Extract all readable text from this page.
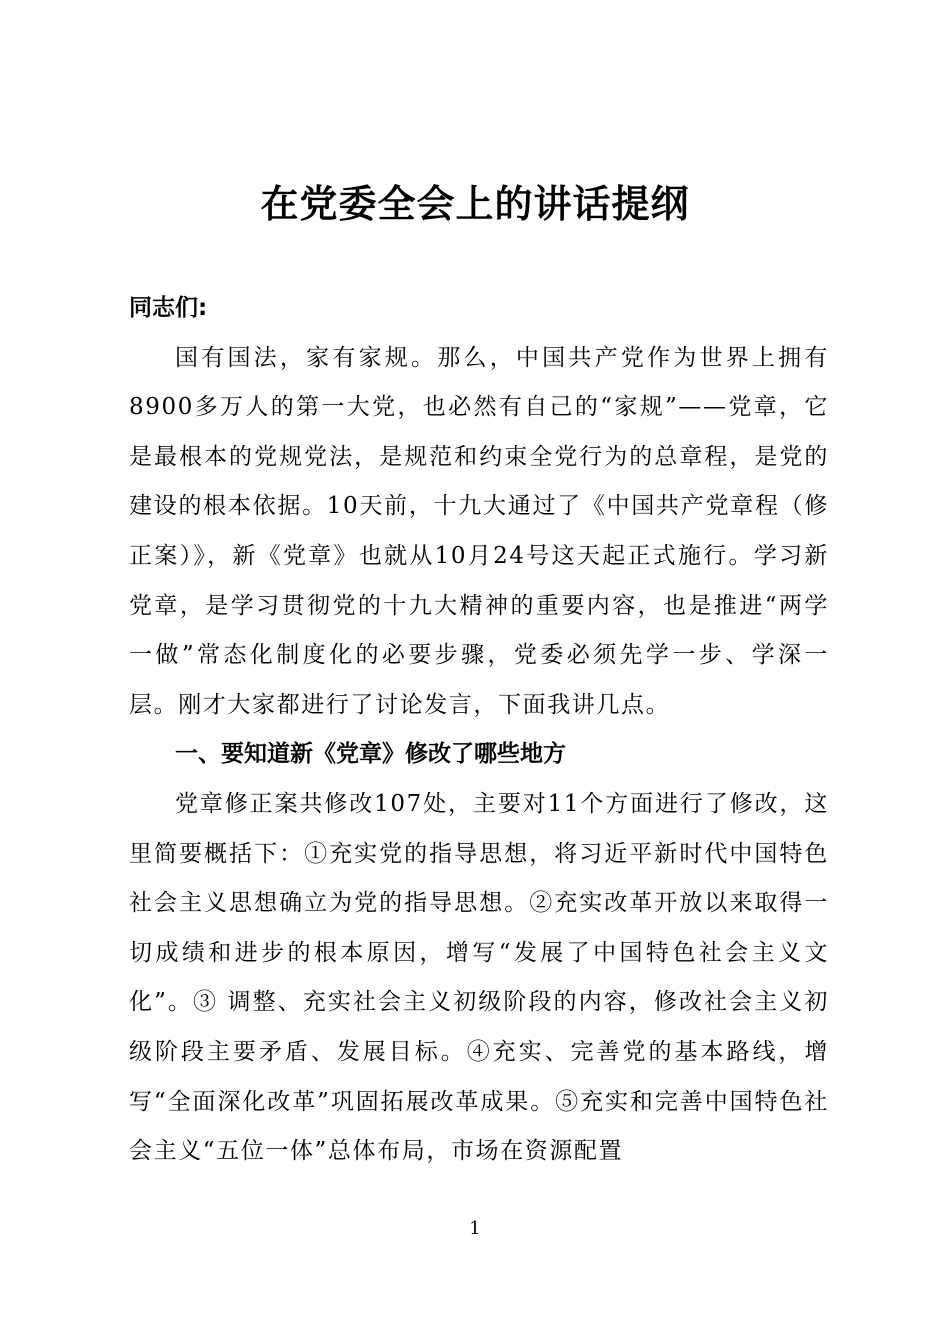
在党委全会上的讲话提纲

同志们:

国有国法，家有家规。那么，中国共产党作为世界上拥有8900多万人的第一大党，也必然有自己的“家规”——党章，它是最根本的党规党法，是规范和约束全党行为的总章程，是党的建设的根本依据。10天前，十九大通过了《中国共产党章程（修正案）》，新《党章》也就从10月24号这天起正式施行。学习新党章，是学习贯彻党的十九大精神的重要内容，也是推进“两学一做”常态化制度化的必要步骤，党委必须先学一步、学深一层。刚才大家都进行了讨论发言，下面我讲几点。

一、要知道新《党章》修改了哪些地方

党章修正案共修改107处，主要对11个方面进行了修改，这里简要概括下：①充实党的指导思想，将习近平新时代中国特色社会主义思想确立为党的指导思想。②充实改革开放以来取得一切成绩和进步的根本原因，增写“发展了中国特色社会主义文化”。③ 调整、充实社会主义初级阶段的内容，修改社会主义初级阶段主要矛盾、发展目标。④充实、完善党的基本路线，增写“全面深化改革”巩固拓展改革成果。⑤充实和完善中国特色社会主义“五位一体”总体布局，市场在资源配置

1
